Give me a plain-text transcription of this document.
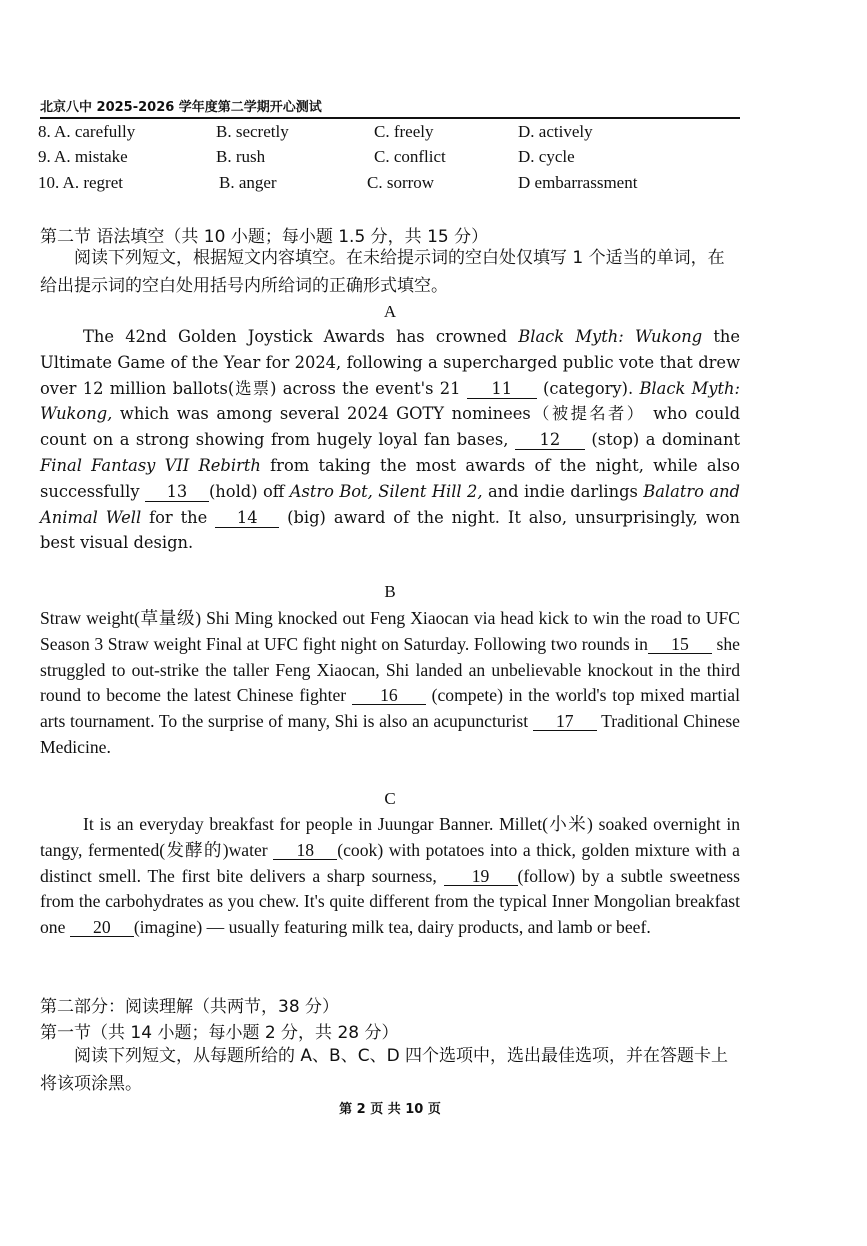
北京八中 2025-2026 学年度第二学期开心测试
8. A. carefully	B. secretly	C. freely	D. actively
9. A. mistake	B. rush	C. conflict	D. cycle
10. A. regret	B. anger	C. sorrow	D embarrassment
第二节 语法填空（共 10 小题；每小题 1.5 分，共 15 分）
阅读下列短文，根据短文内容填空。在未给提示词的空白处仅填写 1 个适当的单词，在给出提示词的空白处用括号内所给词的正确形式填空。
A
The 42nd Golden Joystick Awards has crowned Black Myth: Wukong the Ultimate Game of the Year for 2024, following a supercharged public vote that drew over 12 million ballots(选票) across the event's 21 11 (category). Black Myth: Wukong, which was among several 2024 GOTY nominees（被提名者） who could count on a strong showing from hugely loyal fan bases, 12 (stop) a dominant Final Fantasy VII Rebirth from taking the most awards of the night, while also successfully 13 (hold) off Astro Bot, Silent Hill 2, and indie darlings Balatro and Animal Well for the 14 (big) award of the night. It also, unsurprisingly, won best visual design.
B
Straw weight(草量级) Shi Ming knocked out Feng Xiaocan via head kick to win the road to UFC Season 3 Straw weight Final at UFC fight night on Saturday. Following two rounds in 15 she struggled to out-strike the taller Feng Xiaocan, Shi landed an unbelievable knockout in the third round to become the latest Chinese fighter 16 (compete) in the world's top mixed martial arts tournament. To the surprise of many, Shi is also an acupuncturist 17 Traditional Chinese Medicine.
C
It is an everyday breakfast for people in Juungar Banner. Millet(小米) soaked overnight in tangy, fermented(发酵的)water 18 (cook) with potatoes into a thick, golden mixture with a distinct smell. The first bite delivers a sharp sourness, 19 (follow) by a subtle sweetness from the carbohydrates as you chew. It's quite different from the typical Inner Mongolian breakfast one 20 (imagine) — usually featuring milk tea, dairy products, and lamb or beef.
第二部分：阅读理解（共两节，38 分）
第一节（共 14 小题；每小题 2 分，共 28 分）
阅读下列短文，从每题所给的 A、B、C、D 四个选项中，选出最佳选项，并在答题卡上将该项涂黑。
第 2 页 共 10 页
